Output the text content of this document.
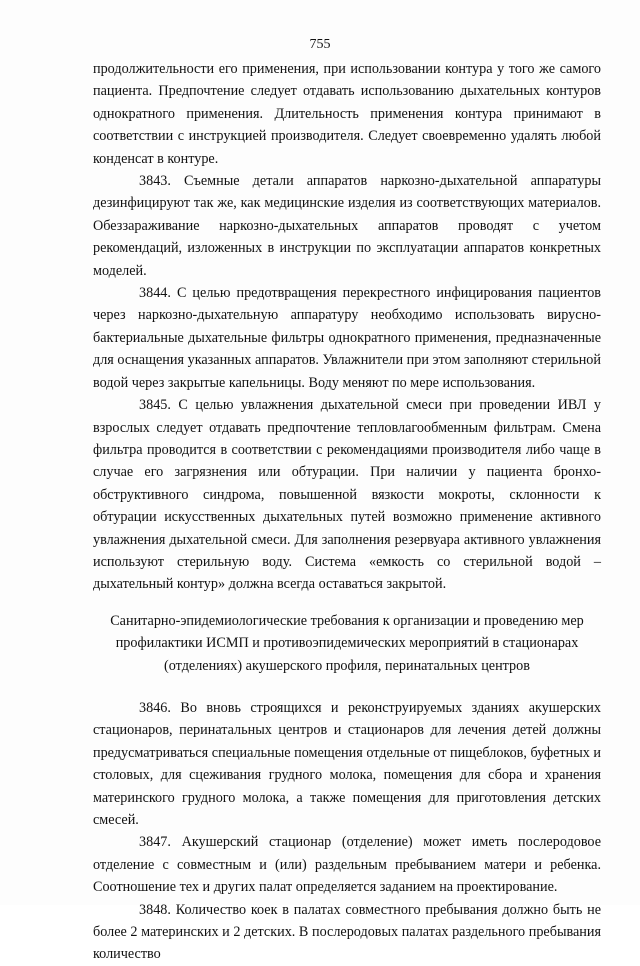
755

продолжительности его применения, при использовании контура у того же самого пациента. Предпочтение следует отдавать использованию дыхательных контуров однократного применения. Длительность применения контура принимают в соответствии с инструкцией производителя. Следует своевременно удалять любой конденсат в контуре.

3843. Съемные детали аппаратов наркозно-дыхательной аппаратуры дезинфицируют так же, как медицинские изделия из соответствующих материалов. Обеззараживание наркозно-дыхательных аппаратов проводят с учетом рекомендаций, изложенных в инструкции по эксплуатации аппаратов конкретных моделей.

3844. С целью предотвращения перекрестного инфицирования пациентов через наркозно-дыхательную аппаратуру необходимо использовать вирусно-бактериальные дыхательные фильтры однократного применения, предназначенные для оснащения указанных аппаратов. Увлажнители при этом заполняют стерильной водой через закрытые капельницы. Воду меняют по мере использования.

3845. С целью увлажнения дыхательной смеси при проведении ИВЛ у взрослых следует отдавать предпочтение тепловлагообменным фильтрам. Смена фильтра проводится в соответствии с рекомендациями производителя либо чаще в случае его загрязнения или обтурации. При наличии у пациента бронхо-обструктивного синдрома, повышенной вязкости мокроты, склонности к обтурации искусственных дыхательных путей возможно применение активного увлажнения дыхательной смеси. Для заполнения резервуара активного увлажнения используют стерильную воду. Система «емкость со стерильной водой – дыхательный контур» должна всегда оставаться закрытой.

Санитарно-эпидемиологические требования к организации и проведению мер профилактики ИСМП и противоэпидемических мероприятий в стационарах (отделениях) акушерского профиля, перинатальных центров

3846. Во вновь строящихся и реконструируемых зданиях акушерских стационаров, перинатальных центров и стационаров для лечения детей должны предусматриваться специальные помещения отдельные от пищеблоков, буфетных и столовых, для сцеживания грудного молока, помещения для сбора и хранения материнского грудного молока, а также помещения для приготовления детских смесей.

3847. Акушерский стационар (отделение) может иметь послеродовое отделение с совместным и (или) раздельным пребыванием матери и ребенка. Соотношение тех и других палат определяется заданием на проектирование.

3848. Количество коек в палатах совместного пребывания должно быть не более 2 материнских и 2 детских. В послеродовых палатах раздельного пребывания количество
